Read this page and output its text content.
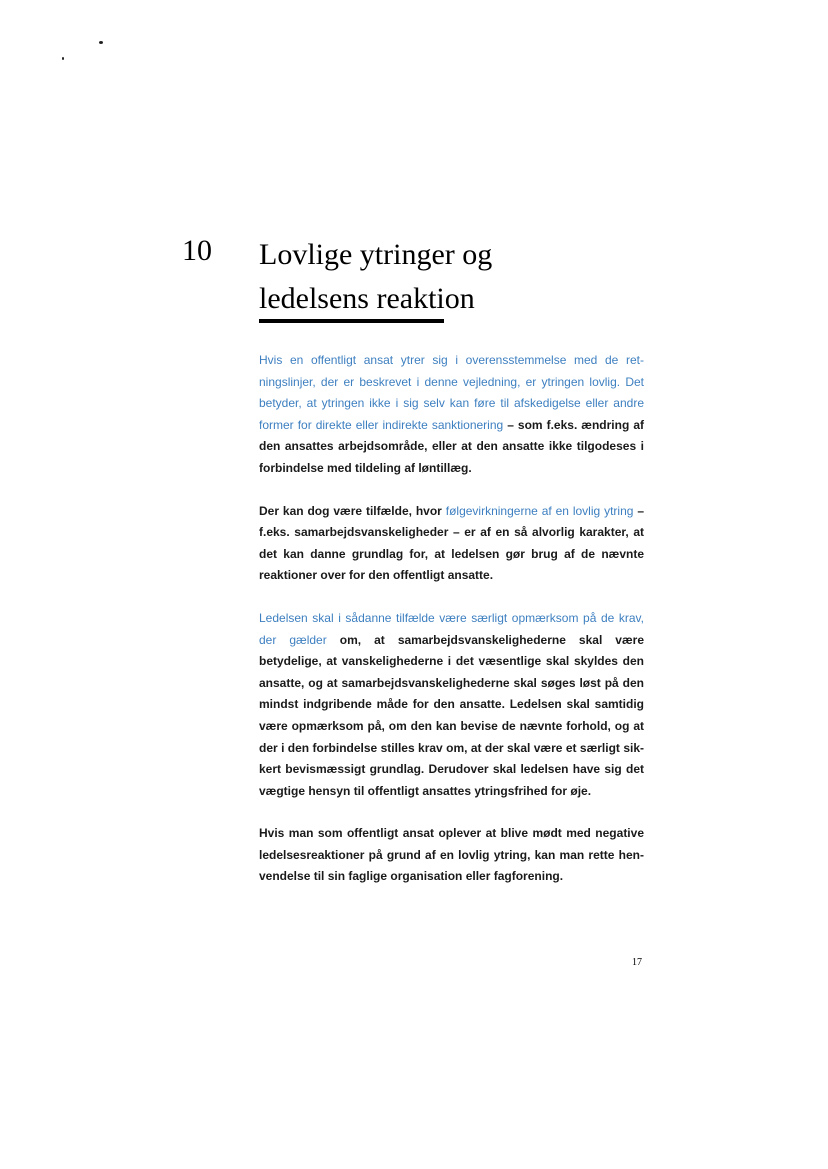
10 Lovlige ytringer og
ledelsens reaktion

Hvis en offentligt ansat ytrer sig i overensstemmelse med de retningslinjer, der er beskrevet i denne vejledning, er ytringen lovlig. Det betyder, at ytringen ikke i sig selv kan føre til afskedigelse eller andre former for direkte eller indirekte sanktionering – som f.eks. ændring af den ansattes arbejdsområde, eller at den ansatte ikke tilgodeses i forbindelse med tildeling af løntillæg.

Der kan dog være tilfælde, hvor følgevirkningerne af en lovlig ytring – f.eks. samarbejdsvanskeligheder – er af en så alvorlig karakter, at det kan danne grundlag for, at ledelsen gør brug af de nævnte reaktioner over for den offentligt ansatte.

Ledelsen skal i sådanne tilfælde være særligt opmærksom på de krav, der gælder om, at samarbejdsvanskelighederne skal være betydelige, at vanskelighederne i det væsentlige skal skyldes den ansatte, og at samarbejdsvanskelighederne skal søges løst på den mindst indgribende måde for den ansatte. Ledelsen skal samtidig være opmærksom på, om den kan bevise de nævnte forhold, og at der i den forbindelse stilles krav om, at der skal være et særligt sikkert bevismæssigt grundlag. Derudover skal ledelsen have sig det vægtige hensyn til offentligt ansattes ytringsfrihed for øje.

Hvis man som offentligt ansat oplever at blive mødt med negative ledelsesreaktioner på grund af en lovlig ytring, kan man rette henvendelse til sin faglige organisation eller fagforening.

17
